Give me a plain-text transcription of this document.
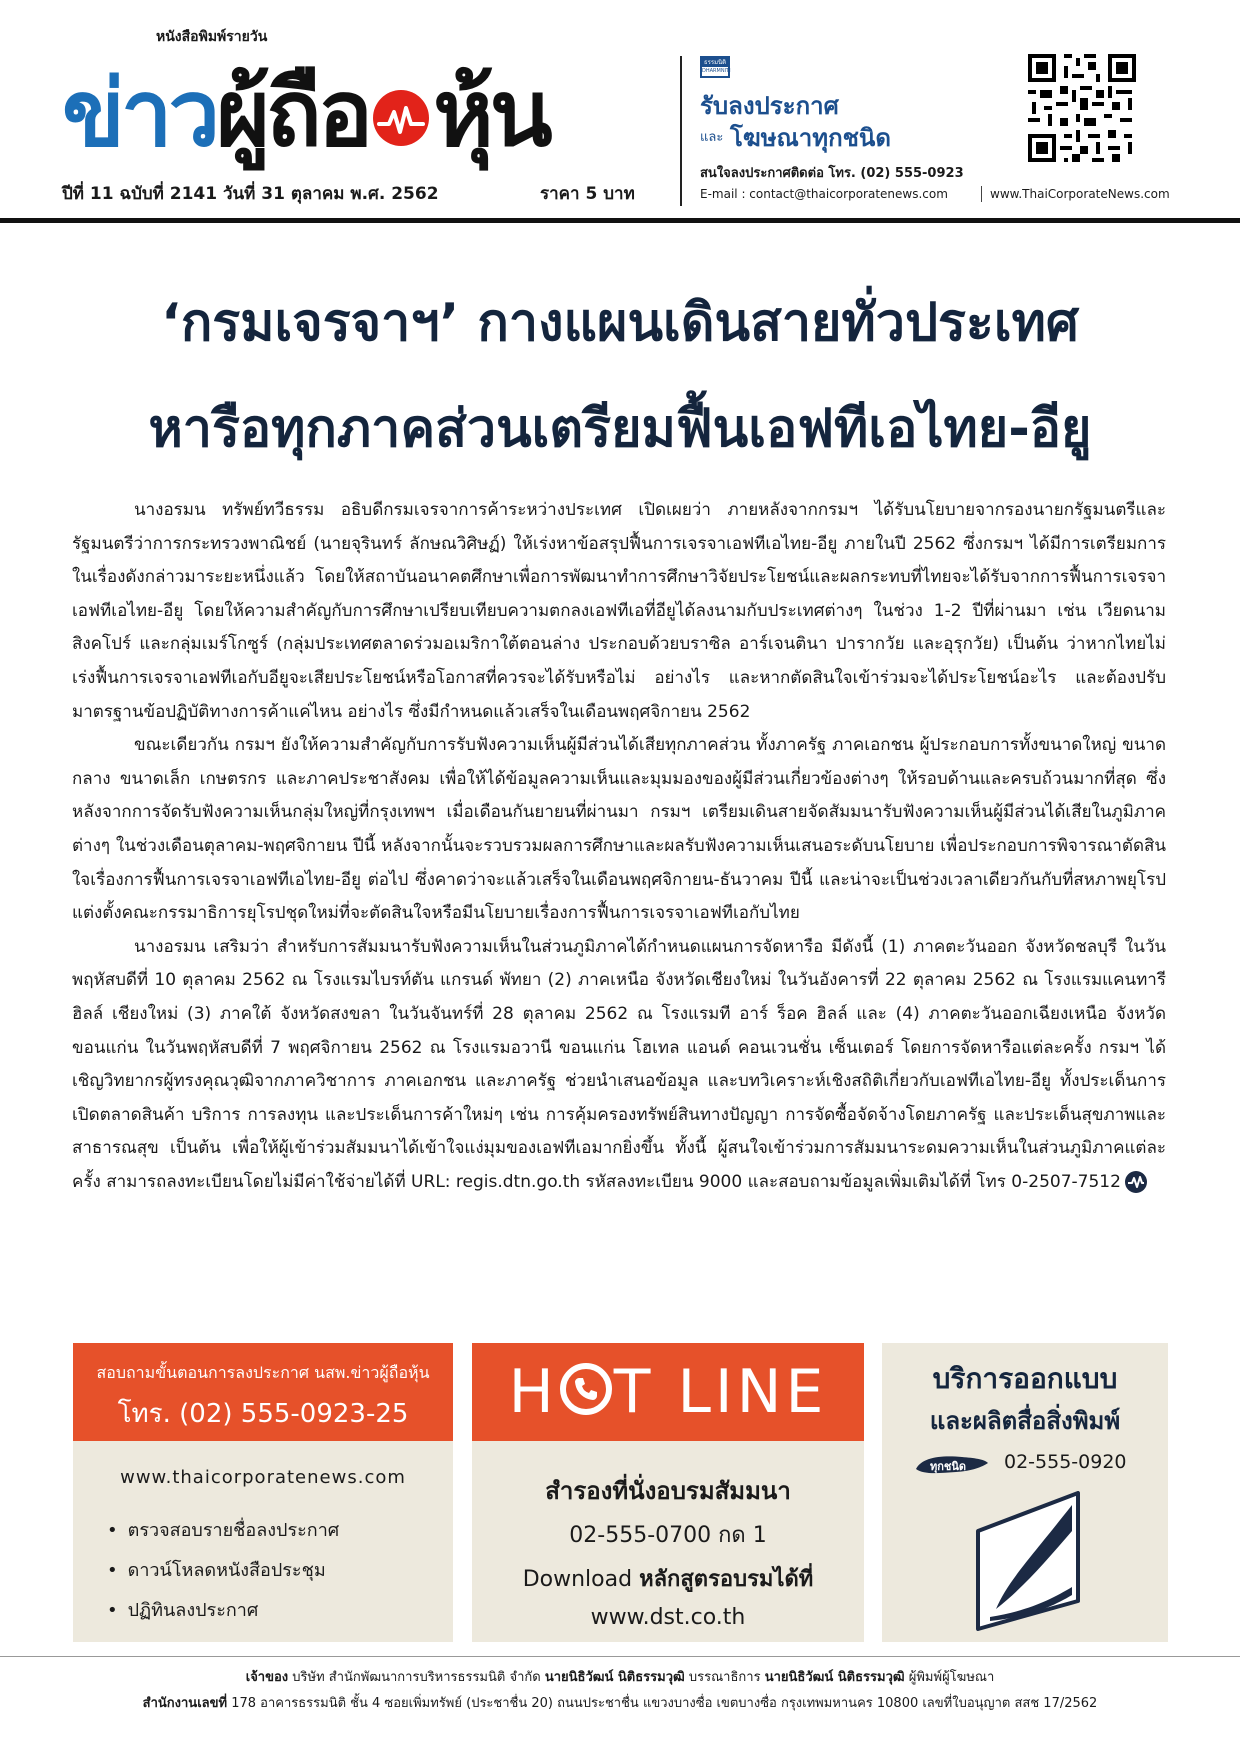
หนังสือพิมพ์รายวัน
ข่าว ผู้ถือ หุ้น
ปีที่ 11 ฉบับที่ 2141 วันที่ 31 ตุลาคม พ.ศ. 2562	ราคา 5 บาท
ธรรมนิติ
DHARMNITI
รับลงประกาศ
และ โฆษณาทุกชนิด
สนใจลงประกาศติดต่อ โทร. (02) 555-0923
E-mail : contact@thaicorporatenews.com	www.ThaiCorporateNews.com
‘กรมเจรจาฯ’ กางแผนเดินสายทั่วประเทศ
หารือทุกภาคส่วนเตรียมฟื้นเอฟทีเอไทย-อียู

นางอรมน ทรัพย์ทวีธรรม อธิบดีกรมเจรจาการค้าระหว่างประเทศ เปิดเผยว่า ภายหลังจากกรมฯ ได้รับนโยบายจากรองนายกรัฐมนตรีและรัฐมนตรีว่าการกระทรวงพาณิชย์ (นายจุรินทร์ ลักษณวิศิษฏ์) ให้เร่งหาข้อสรุปฟื้นการเจรจาเอฟทีเอไทย-อียู ภายในปี 2562 ซึ่งกรมฯ ได้มีการเตรียมการในเรื่องดังกล่าวมาระยะหนึ่งแล้ว โดยให้สถาบันอนาคตศึกษาเพื่อการพัฒนาทำการศึกษาวิจัยประโยชน์และผลกระทบที่ไทยจะได้รับจากการฟื้นการเจรจาเอฟทีเอไทย-อียู โดยให้ความสำคัญกับการศึกษาเปรียบเทียบความตกลงเอฟทีเอที่อียูได้ลงนามกับประเทศต่างๆ ในช่วง 1-2 ปีที่ผ่านมา เช่น เวียดนาม สิงคโปร์ และกลุ่มเมร์โกซูร์ (กลุ่มประเทศตลาดร่วมอเมริกาใต้ตอนล่าง ประกอบด้วยบราซิล อาร์เจนตินา ปารากวัย และอุรุกวัย) เป็นต้น ว่าหากไทยไม่เร่งฟื้นการเจรจาเอฟทีเอกับอียูจะเสียประโยชน์หรือโอกาสที่ควรจะได้รับหรือไม่ อย่างไร และหากตัดสินใจเข้าร่วมจะได้ประโยชน์อะไร และต้องปรับมาตรฐานข้อปฏิบัติทางการค้าแค่ไหน อย่างไร ซึ่งมีกำหนดแล้วเสร็จในเดือนพฤศจิกายน 2562

ขณะเดียวกัน กรมฯ ยังให้ความสำคัญกับการรับฟังความเห็นผู้มีส่วนได้เสียทุกภาคส่วน ทั้งภาครัฐ ภาคเอกชน ผู้ประกอบการทั้งขนาดใหญ่ ขนาดกลาง ขนาดเล็ก เกษตรกร และภาคประชาสังคม เพื่อให้ได้ข้อมูลความเห็นและมุมมองของผู้มีส่วนเกี่ยวข้องต่างๆ ให้รอบด้านและครบถ้วนมากที่สุด ซึ่งหลังจากการจัดรับฟังความเห็นกลุ่มใหญ่ที่กรุงเทพฯ เมื่อเดือนกันยายนที่ผ่านมา กรมฯ เตรียมเดินสายจัดสัมมนารับฟังความเห็นผู้มีส่วนได้เสียในภูมิภาคต่างๆ ในช่วงเดือนตุลาคม-พฤศจิกายน ปีนี้ หลังจากนั้นจะรวบรวมผลการศึกษาและผลรับฟังความเห็นเสนอระดับนโยบาย เพื่อประกอบการพิจารณาตัดสินใจเรื่องการฟื้นการเจรจาเอฟทีเอไทย-อียู ต่อไป ซึ่งคาดว่าจะแล้วเสร็จในเดือนพฤศจิกายน-ธันวาคม ปีนี้ และน่าจะเป็นช่วงเวลาเดียวกันกับที่สหภาพยุโรปแต่งตั้งคณะกรรมาธิการยุโรปชุดใหม่ที่จะตัดสินใจหรือมีนโยบายเรื่องการฟื้นการเจรจาเอฟทีเอกับไทย

นางอรมน เสริมว่า สำหรับการสัมมนารับฟังความเห็นในส่วนภูมิภาคได้กำหนดแผนการจัดหารือ มีดังนี้ (1) ภาคตะวันออก จังหวัดชลบุรี ในวันพฤหัสบดีที่ 10 ตุลาคม 2562 ณ โรงแรมไบรท์ตัน แกรนด์ พัทยา (2) ภาคเหนือ จังหวัดเชียงใหม่ ในวันอังคารที่ 22 ตุลาคม 2562 ณ โรงแรมแคนทารี ฮิลล์ เชียงใหม่ (3) ภาคใต้ จังหวัดสงขลา ในวันจันทร์ที่ 28 ตุลาคม 2562 ณ โรงแรมที อาร์ ร็อค ฮิลล์ และ (4) ภาคตะวันออกเฉียงเหนือ จังหวัดขอนแก่น ในวันพฤหัสบดีที่ 7 พฤศจิกายน 2562 ณ โรงแรมอวานี ขอนแก่น โฮเทล แอนด์ คอนเวนชั่น เซ็นเตอร์ โดยการจัดหารือแต่ละครั้ง กรมฯ ได้เชิญวิทยากรผู้ทรงคุณวุฒิจากภาควิชาการ ภาคเอกชน และภาครัฐ ช่วยนำเสนอข้อมูล และบทวิเคราะห์เชิงสถิติเกี่ยวกับเอฟทีเอไทย-อียู ทั้งประเด็นการเปิดตลาดสินค้า บริการ การลงทุน และประเด็นการค้าใหม่ๆ เช่น การคุ้มครองทรัพย์สินทางปัญญา การจัดซื้อจัดจ้างโดยภาครัฐ และประเด็นสุขภาพและสาธารณสุข เป็นต้น เพื่อให้ผู้เข้าร่วมสัมมนาได้เข้าใจแง่มุมของเอฟทีเอมากยิ่งขึ้น ทั้งนี้ ผู้สนใจเข้าร่วมการสัมมนาระดมความเห็นในส่วนภูมิภาคแต่ละครั้ง สามารถลงทะเบียนโดยไม่มีค่าใช้จ่ายได้ที่ URL: regis.dtn.go.th รหัสลงทะเบียน 9000 และสอบถามข้อมูลเพิ่มเติมได้ที่ โทร 0-2507-7512

สอบถามขั้นตอนการลงประกาศ นสพ.ข่าวผู้ถือหุ้น
โทร. (02) 555-0923-25
www.thaicorporatenews.com
• ตรวจสอบรายชื่อลงประกาศ
• ดาวน์โหลดหนังสือประชุม
• ปฏิทินลงประกาศ
H T LINE
สำรองที่นั่งอบรมสัมมนา
02-555-0700 กด 1
Download หลักสูตรอบรมได้ที่
www.dst.co.th
บริการออกแบบ
และผลิตสื่อสิ่งพิมพ์
ทุกชนิด 02-555-0920
เจ้าของ บริษัท สำนักพัฒนาการบริหารธรรมนิติ จำกัด นายนิธิวัฒน์ นิติธรรมวุฒิ บรรณาธิการ นายนิธิวัฒน์ นิติธรรมวุฒิ ผู้พิมพ์ผู้โฆษณา
สำนักงานเลขที่ 178 อาคารธรรมนิติ ชั้น 4 ซอยเพิ่มทรัพย์ (ประชาชื่น 20) ถนนประชาชื่น แขวงบางซื่อ เขตบางซื่อ กรุงเทพมหานคร 10800 เลขที่ใบอนุญาต สสช 17/2562
